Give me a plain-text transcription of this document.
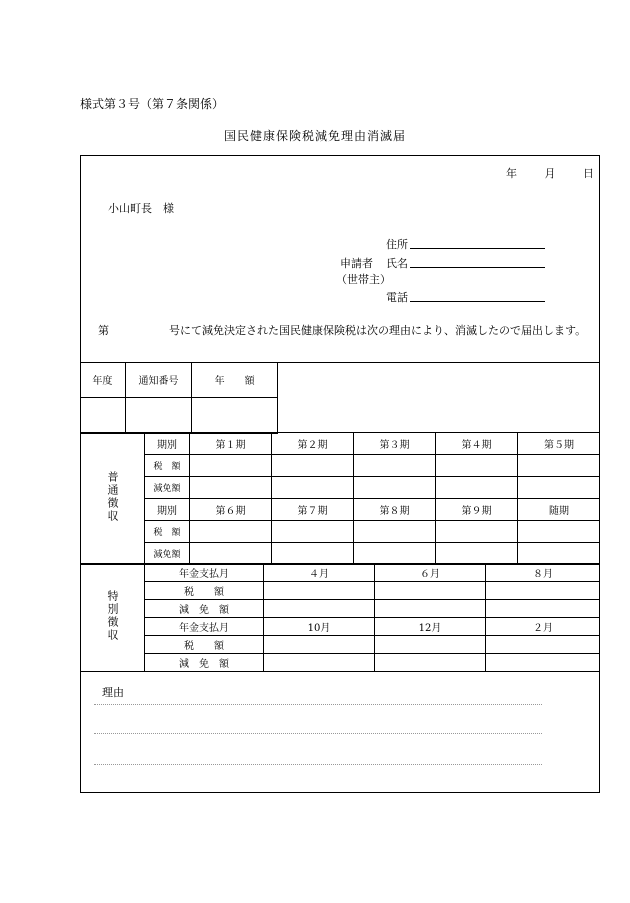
様式第３号（第７条関係）
国民健康保険税減免理由消滅届
年	月	日
小山町長　様
住所
申請者 氏名
（世帯主）
電話
第	号にて減免決定された国民健康保険税は次の理由により、消滅したので届出します。
年度	通知番号	年　　額

普通徴収	期別	第１期	第２期	第３期	第４期	第５期
	税　額					
	減免額					
	期別	第６期	第７期	第８期	第９期	随期
	税　額					
	減免額					
特別徴収	年金支払月	４月	６月	８月
	税　　額			
	減　免　額			
	年金支払月	10月	12月	２月
	税　　額			
	減　免　額			
理由
